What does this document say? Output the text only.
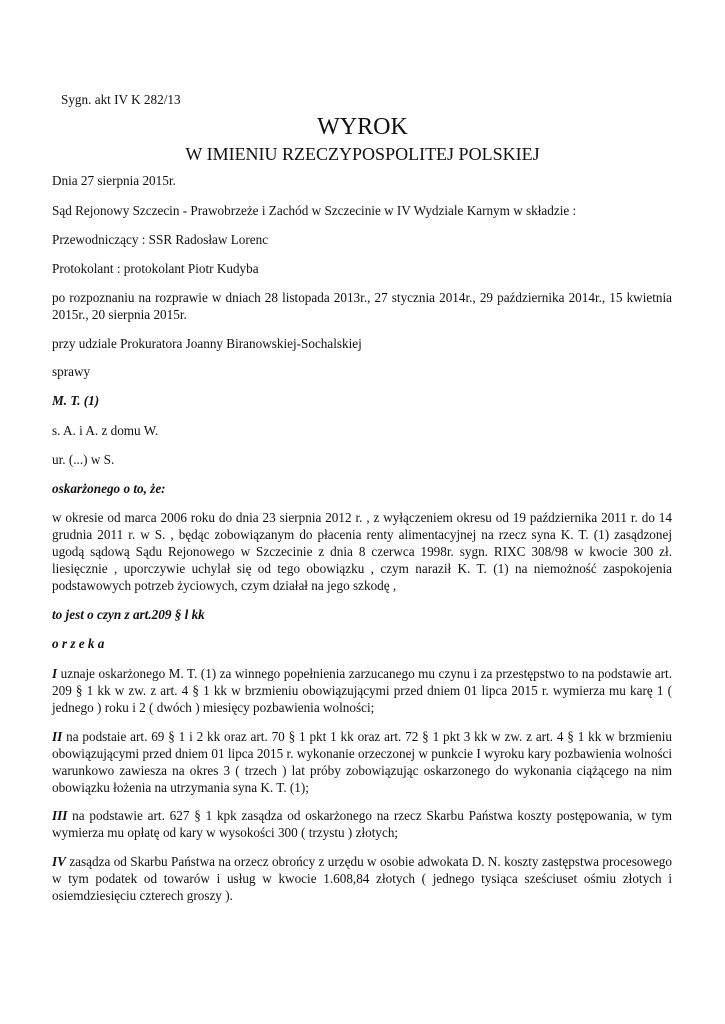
Sygn. akt IV K 282/13
WYROK
W IMIENIU RZECZYPOSPOLITEJ POLSKIEJ

Dnia 27 sierpnia 2015r.

Sąd Rejonowy Szczecin - Prawobrzeże i Zachód w Szczecinie w IV Wydziale Karnym w składzie :

Przewodniczący : SSR Radosław Lorenc

Protokolant : protokolant Piotr Kudyba

po rozpoznaniu na rozprawie w dniach 28 listopada 2013r., 27 stycznia 2014r., 29 października 2014r., 15 kwietnia 2015r., 20 sierpnia 2015r.

przy udziale Prokuratora Joanny Biranowskiej-Sochalskiej

sprawy

M. T. (1)

s. A. i A. z domu W.

ur. (...) w S.

oskarżonego o to, że:

w okresie od marca 2006 roku do dnia 23 sierpnia 2012 r. , z wyłączeniem okresu od 19 października 2011 r. do 14 grudnia 2011 r. w S. , będąc zobowiązanym do płacenia renty alimentacyjnej na rzecz syna K. T. (1) zasądzonej ugodą sądową Sądu Rejonowego w Szczecinie z dnia 8 czerwca 1998r. sygn. RIXC 308/98 w kwocie 300 zł. liesięcznie , uporczywie uchylał się od tego obowiązku , czym naraził K. T. (1) na niemożność zaspokojenia podstawowych potrzeb życiowych, czym działał na jego szkodę ,

to jest o czyn z art.209 § l kk

o r z e k a

I uznaje oskarżonego M. T. (1) za winnego popełnienia zarzucanego mu czynu i za przestępstwo to na podstawie art. 209 § 1 kk w zw. z art. 4 § 1 kk w brzmieniu obowiązującymi przed dniem 01 lipca 2015 r. wymierza mu karę 1 ( jednego ) roku i 2 ( dwóch ) miesięcy pozbawienia wolności;

II na podstaie art. 69 § 1 i 2 kk oraz art. 70 § 1 pkt 1 kk oraz art. 72 § 1 pkt 3 kk w zw. z art. 4 § 1 kk w brzmieniu obowiązującymi przed dniem 01 lipca 2015 r. wykonanie orzeczonej w punkcie I wyroku kary pozbawienia wolności warunkowo zawiesza na okres 3 ( trzech ) lat próby zobowiązując oskarzonego do wykonania ciążącego na nim obowiązku łożenia na utrzymania syna K. T. (1);

III na podstawie art. 627 § 1 kpk zasądza od oskarżonego na rzecz Skarbu Państwa koszty postępowania, w tym wymierza mu opłatę od kary w wysokości 300 ( trzystu ) złotych;

IV zasądza od Skarbu Państwa na orzecz obrońcy z urzędu w osobie adwokata D. N. koszty zastępstwa procesowego w tym podatek od towarów i usług w kwocie 1.608,84 złotych ( jednego tysiąca sześciuset ośmiu złotych i osiemdziesięciu czterech groszy ).
